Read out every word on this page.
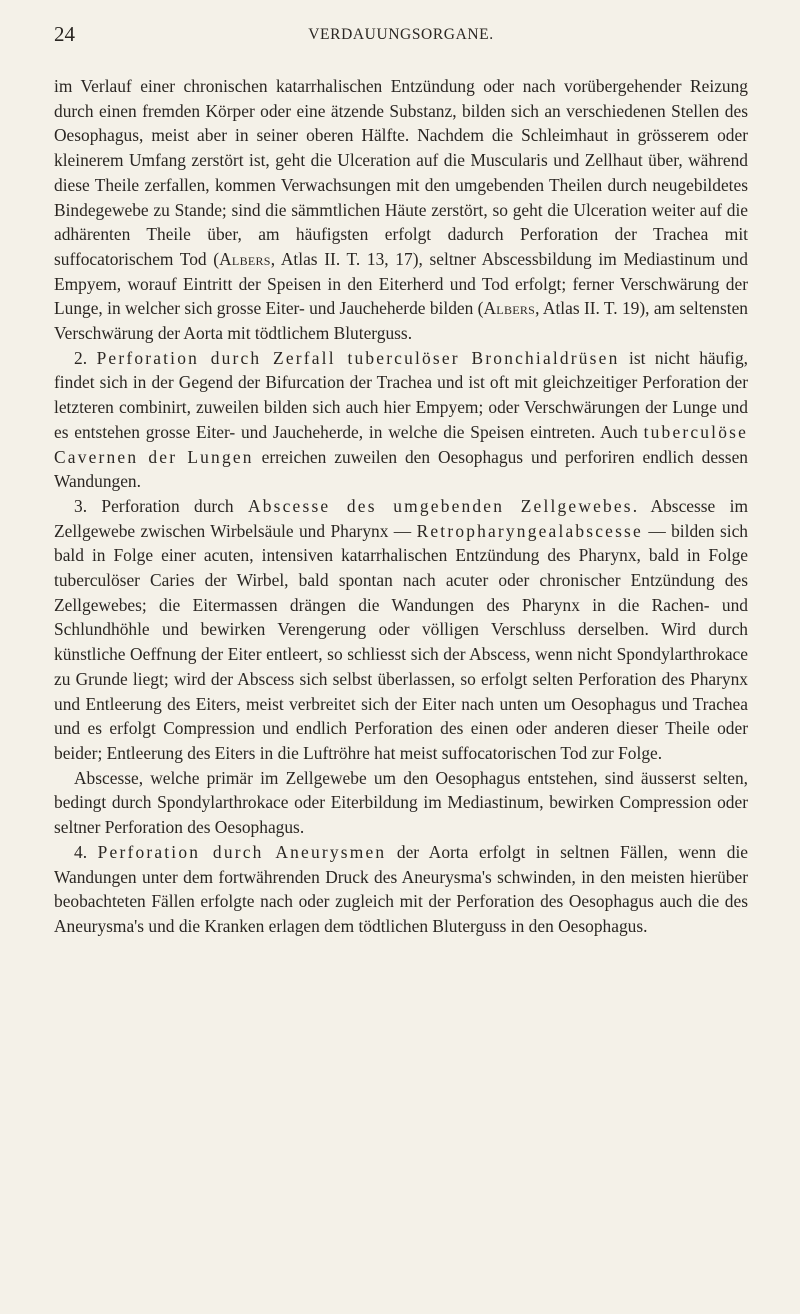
24	VERDAUUNGSORGANE.

im Verlauf einer chronischen katarrhalischen Entzündung oder nach vorübergehender Reizung durch einen fremden Körper oder eine ätzende Substanz, bilden sich an verschiedenen Stellen des Oesophagus, meist aber in seiner oberen Hälfte. Nachdem die Schleimhaut in grösserem oder kleinerem Umfang zerstört ist, geht die Ulceration auf die Muscularis und Zellhaut über, während diese Theile zerfallen, kommen Verwachsungen mit den umgebenden Theilen durch neugebildetes Bindegewebe zu Stande; sind die sämmtlichen Häute zerstört, so geht die Ulceration weiter auf die adhärenten Theile über, am häufigsten erfolgt dadurch Perforation der Trachea mit suffocatorischem Tod (Albers, Atlas II. T. 13, 17), seltner Abscessbildung im Mediastinum und Empyem, worauf Eintritt der Speisen in den Eiterherd und Tod erfolgt; ferner Verschwärung der Lunge, in welcher sich grosse Eiter- und Jaucheherde bilden (Albers, Atlas II. T. 19), am seltensten Verschwärung der Aorta mit tödtlichem Bluterguss.

2. Perforation durch Zerfall tuberculöser Bronchialdrüsen ist nicht häufig, findet sich in der Gegend der Bifurcation der Trachea und ist oft mit gleichzeitiger Perforation der letzteren combinirt, zuweilen bilden sich auch hier Empyem; oder Verschwärungen der Lunge und es entstehen grosse Eiter- und Jaucheherde, in welche die Speisen eintreten. Auch tuberculöse Cavernen der Lungen erreichen zuweilen den Oesophagus und perforiren endlich dessen Wandungen.

3. Perforation durch Abscesse des umgebenden Zellgewebes. Abscesse im Zellgewebe zwischen Wirbelsäule und Pharynx — Retropharyngealabscesse — bilden sich bald in Folge einer acuten, intensiven katarrhalischen Entzündung des Pharynx, bald in Folge tuberculöser Caries der Wirbel, bald spontan nach acuter oder chronischer Entzündung des Zellgewebes; die Eitermassen drängen die Wandungen des Pharynx in die Rachen- und Schlundhöhle und bewirken Verengerung oder völligen Verschluss derselben. Wird durch künstliche Oeffnung der Eiter entleert, so schliesst sich der Abscess, wenn nicht Spondylarthrokace zu Grunde liegt; wird der Abscess sich selbst überlassen, so erfolgt selten Perforation des Pharynx und Entleerung des Eiters, meist verbreitet sich der Eiter nach unten um Oesophagus und Trachea und es erfolgt Compression und endlich Perforation des einen oder anderen dieser Theile oder beider; Entleerung des Eiters in die Luftröhre hat meist suffocatorischen Tod zur Folge.

Abscesse, welche primär im Zellgewebe um den Oesophagus entstehen, sind äusserst selten, bedingt durch Spondylarthrokace oder Eiterbildung im Mediastinum, bewirken Compression oder seltner Perforation des Oesophagus.

4. Perforation durch Aneurysmen der Aorta erfolgt in seltnen Fällen, wenn die Wandungen unter dem fortwährenden Druck des Aneurysma's schwinden, in den meisten hierüber beobachteten Fällen erfolgte nach oder zugleich mit der Perforation des Oesophagus auch die des Aneurysma's und die Kranken erlagen dem tödtlichen Bluterguss in den Oesophagus.
